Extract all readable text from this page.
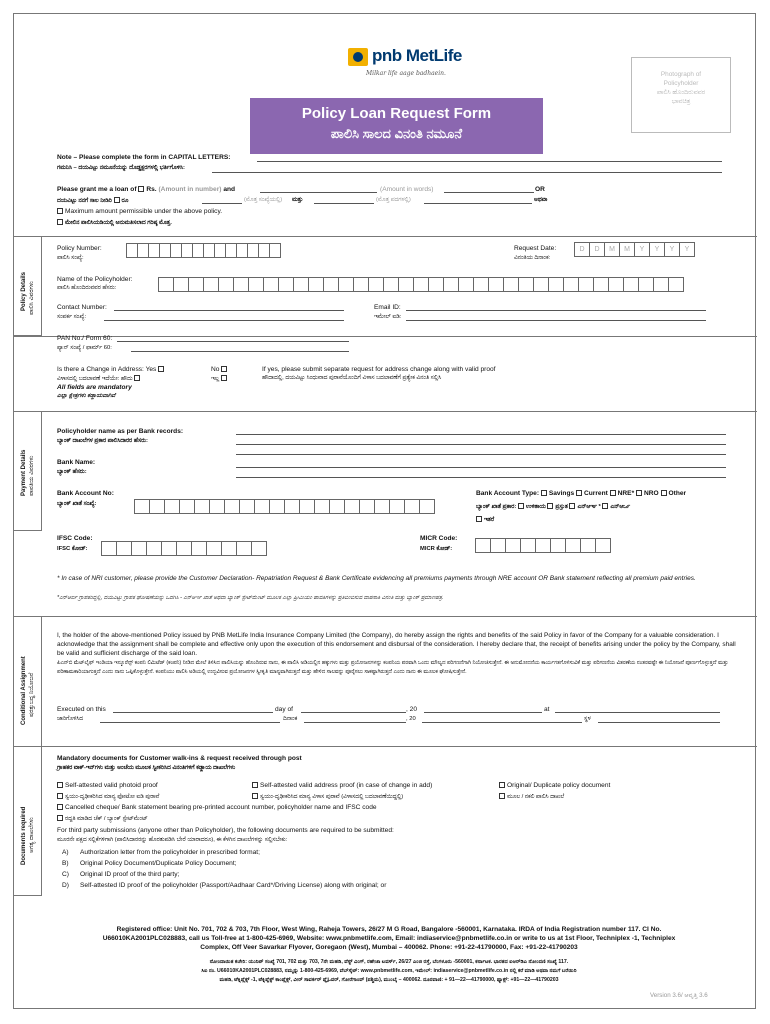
pnb MetLife
Milkar life aage badhaein.	Photograph of
Policyholder
ಪಾಲಿಸಿ ಹೊಂದಿರುವವರ
ಭಾವಚಿತ್ರ
Policy Loan Request Form
ಪಾಲಿಸಿ ಸಾಲದ ವಿನಂತಿ ನಮೂನೆ
Note – Please complete the form in CAPITAL LETTERS:
ಗಮನಿಸಿ – ದಯವಿಟ್ಟು ನಮೂನೆಯನ್ನು ದೊಡ್ಡಕ್ಷರಗಳಲ್ಲಿ ಭರ್ತಿಗೊಳಿಸಿ:
Please grant me a loan of Rs. (Amount in number) and	(Amount in words)	OR
ದಯವಿಟ್ಟು ನನಗೆ ಸಾಲ ನೀಡಿರಿ ರೂ	(ಮೊತ್ತ ಸಂಖ್ಯೆಯಲ್ಲಿ) ಮತ್ತು	(ಮೊತ್ತ ಪದಗಳಲ್ಲಿ)	ಅಥವಾ
Maximum amount permissible under the above policy.
ಮೇಲಿನ ಪಾಲಿಸಿಯಡಿಯಲ್ಲಿ ಅನುಮತಿಸಲಾದ ಗರಿಷ್ಠ ಮೊತ್ತ.
Policy Details ಪಾಲಿಸಿ ವಿವರಗಳು
Policy Number:
ಪಾಲಿಸಿ ಸಂಖ್ಯೆ:
Request Date:
ವಿನಂತಿಯ ದಿನಾಂಕ:
D	D	M	M	Y	Y	Y	Y
Name of the Policyholder:
ಪಾಲಿಸಿ ಹೊಂದಿರುವವರ ಹೆಸರು:
Contact Number:
ಸಂಪರ್ಕ ಸಂಖ್ಯೆ:
Email ID:
ಇಮೇಲ್ ಐಡಿ:
PAN No./ Form 60:
ಪ್ಯಾನ್ ಸಂಖ್ಯೆ / ಫಾರ್ಮ್ 60:
Is there a Change in Address: Yes
ವಿಳಾಸದಲ್ಲಿ ಬದಲಾವಣೆ ಇದೆಯೇ: ಹೌದು
No
ಇಲ್ಲ
If yes, please submit separate request for address change along with valid proof
ಹೌದಾದಲ್ಲಿ, ದಯವಿಟ್ಟು ಸಿಂಧುವಾದ ಪುರಾವೆಯೊಂದಿಗೆ ವಿಳಾಸ ಬದಲಾವಣೆಗೆ ಪ್ರತ್ಯೇಕ ವಿನಂತಿ ಸಲ್ಲಿಸಿ
All fields are mandatory
ಎಲ್ಲಾ ಕ್ಷೇತ್ರಗಳು ಕಡ್ಡಾಯವಾಗಿವೆ
Payment Details ಪಾವತಿಯ ವಿವರಗಳು
Policyholder name as per Bank records:
ಬ್ಯಾಂಕ್ ದಾಖಲೆಗಳ ಪ್ರಕಾರ ಪಾಲಿಸಿದಾರರ ಹೆಸರು:
Bank Name:
ಬ್ಯಾಂಕ್ ಹೆಸರು:
Bank Account No:
ಬ್ಯಾಂಕ್ ಖಾತೆ ಸಂಖ್ಯೆ:
Bank Account Type: Savings Current NRE* NRO Other
ಬ್ಯಾಂಕ್ ಖಾತೆ ಪ್ರಕಾರ: ಉಳಿತಾಯ ಪ್ರಸ್ತುತ ಎನ್ಆರ್ಇ * ಎನ್ಆರ್ಒ
ಇತರೆ
IFSC Code:
IFSC ಕೋಡ್:
MICR Code:
MICR ಕೋಡ್:
* In case of NRI customer, please provide the Customer Declaration- Repatriation Request & Bank Certificate evidencing all premiums payments through NRE account OR Bank statement reflecting all premium paid entries.
*ಎನ್ಆರ್ಐ ಗ್ರಾಹಕರಿದ್ದಲ್ಲಿ, ದಯವಿಟ್ಟು ಗ್ರಾಹಕ ಘೋಷಣೆಯನ್ನು ಒದಗಿಸಿ - ಎನ್ಆರ್ಇ ಖಾತೆ ಅಥವಾ ಬ್ಯಾಂಕ್ ಸ್ಟೇಟ್‌ಮೆಂಟ್ ಮೂಲಕ ಎಲ್ಲಾ ಪ್ರೀಮಿಯಂ ಪಾವತಿಗಳನ್ನು ಪ್ರತಿಬಿಂಬಿಸುವ ವಾಪಸಾತಿ ವಿನಂತಿ ಮತ್ತು ಬ್ಯಾಂಕ್ ಪ್ರಮಾಣಪತ್ರ.
Conditional Assignment ಷರತ್ತುಬದ್ಧ ನಿಯೋಜನೆ
I, the holder of the above-mentioned Policy issued by PNB MetLife India Insurance Company Limited (the Company), do hereby assign the rights and benefits of the said Policy in favor of the Company for a valuable consideration. I acknowledge that the assignment shall be complete and effective only upon the execution of this endorsement and disbursal of the consideration. I hereby declare that, the receipt of benefits arising under the policy by the Company, shall be valid and sufficient discharge of the said loan.
ಪಿಎನ್‌ಬಿ ಮೆಟ್‌ಲೈಫ್ ಇಂಡಿಯಾ ಇನ್ಶೂರೆನ್ಸ್ ಕಂಪನಿ ಲಿಮಿಟೆಡ್ (ಕಂಪನಿ) ನೀಡಿದ ಮೇಲೆ ತಿಳಿಸಿದ ಪಾಲಿಸಿಯನ್ನು ಹೊಂದಿರುವ ನಾನು, ಈ ಪಾಲಿಸಿ ಅಡಿಯಲ್ಲಿನ ಹಕ್ಕುಗಳು ಮತ್ತು ಪ್ರಯೋಜನಗಳನ್ನು ಕಂಪನಿಯ ಪರವಾಗಿ ಒಂದು ಮೌಲ್ಯದ ಪರಿಗಣನೆಗಾಗಿ ನಿಯೋಜಿಸುತ್ತೇನೆ. ಈ ಅನುಮೋದನೆಯ ಕಾರ್ಯಗತಗೊಳಿಸುವಿಕೆ ಮತ್ತು ಪರಿಗಣನೆಯ ವಿತರಣೆಯ ನಂತರವಷ್ಟೇ ಈ ನಿಯೋಜನೆ ಪೂರ್ಣಗೊಳ್ಳುತ್ತದೆ ಮತ್ತು ಪರಿಣಾಮಕಾರಿಯಾಗುತ್ತದೆ ಎಂದು ನಾನು ಒಪ್ಪಿಕೊಳ್ಳುತ್ತೇನೆ. ಕಂಪನಿಯು ಪಾಲಿಸಿ ಅಡಿಯಲ್ಲಿ ಉದ್ಭವಿಸುವ ಪ್ರಯೋಜನಗಳ ಸ್ವೀಕೃತಿ ಮಾನ್ಯವಾಗಿರುತ್ತದೆ ಮತ್ತು ಹೇಳಿದ ಸಾಲವನ್ನು ಪೂರೈಸಲು ಸಾಕಷ್ಟಾಗಿರುತ್ತದೆ ಎಂದು ನಾನು ಈ ಮೂಲಕ ಘೋಷಿಸುತ್ತೇನೆ.
Executed on this	day of	, 20	at
ಜಾರಿಗೊಳಿಸಿದ	ದಿನಾಂಕ	, 20	ಸ್ಥಳ
Documents required ಅಗತ್ಯ ದಾಖಲೆಗಳು
Mandatory documents for Customer walk-ins & request received through post
ಗ್ರಾಹಕರ ವಾಕ್-ಇನ್‌ಗಳು ಮತ್ತು ಅಂಚೆಯ ಮೂಲಕ ಸ್ವೀಕರಿಸಿದ ವಿನಂತಿಗಳಿಗೆ ಕಡ್ಡಾಯ ದಾಖಲೆಗಳು
Self-attested valid photoid proof
ಸ್ವಯಂ-ದೃಢೀಕರಿಸಿದ ಮಾನ್ಯ ಫೋಟೋ ಐಡಿ ಪುರಾವೆ
Self-attested valid address proof (in case of change in add)
ಸ್ವಯಂ-ದೃಢೀಕರಿಸಿದ ಮಾನ್ಯ ವಿಳಾಸ ಪುರಾವೆ (ವಿಳಾಸದಲ್ಲಿ ಬದಲಾವಣೆಯಿದ್ದಲ್ಲಿ)
Original/ Duplicate policy document
ಮೂಲ / ನಕಲಿ ಪಾಲಿಸಿ ದಾಖಲೆ
Cancelled cheque/ Bank statement bearing pre-printed account number, policyholder name and IFSC code
ರದ್ದತಿ ಮಾಡಿದ ಚೆಕ್ / ಬ್ಯಾಂಕ್ ಸ್ಟೇಟ್‌ಮೆಂಟ್
For third party submissions (anyone other than Policyholder), the following documents are required to be submitted:
ಮೂರನೇ ಪಕ್ಷದ ಸಲ್ಲಿಕೆಗಳಿಗಾಗಿ (ಪಾಲಿಸಿದಾರರನ್ನು ಹೊರತುಪಡಿಸಿ ಬೇರೆ ಯಾರಾದರೂ), ಈ ಕೆಳಗಿನ ದಾಖಲೆಗಳನ್ನು ಸಲ್ಲಿಸಬೇಕು:
A) Authorization letter from the policyholder in prescribed format;
B) Original Policy Document/Duplicate Policy Document;
C) Original ID proof of the third party;
D) Self-attested ID proof of the policyholder (Passport/Aadhaar Card*/Driving License) along with original; or
Registered office: Unit No. 701, 702 & 703, 7th Floor, West Wing, Raheja Towers, 26/27 M G Road, Bangalore -560001, Karnataka. IRDA of India Registration number 117. CI No.
U66010KA2001PLC028883, call us Toll-free at 1-800-425-6969, Website: www.pnbmetlife.com, Email: indiaservice@pnbmetlife.co.in or write to us at 1st Floor, Techniplex -1, Techniplex
Complex, Off Veer Savarkar Flyover, Goregaon (West), Mumbai – 400062. Phone: +91-22-41790000, Fax: +91-22-41790203
ನೋಂದಾಯಿತ ಕಚೇರಿ: ಯುನಿಟ್ ಸಂಖ್ಯೆ 701, 702 ಮತ್ತು 703, 7ನೇ ಮಹಡಿ, ವೆಸ್ಟ್ ವಿಂಗ್, ರಹೇಜಾ ಟವರ್ಸ್, 26/27 ಎಂಜಿ ರಸ್ತೆ, ಬೆಂಗಳೂರು -560001, ಕರ್ನಾಟಕ. ಭಾರತದ ಐಆರ್‌ಡಿಎ ನೋಂದಣಿ ಸಂಖ್ಯೆ 117.
ಸಿಐ ನಂ. U66010KA2001PLC028883, ನಮ್ಮನ್ನು 1-800-425-6969, ವೆಬ್‌ಸೈಟ್: www.pnbmetlife.com, ಇಮೇಲ್: indiaservice@pnbmetlife.co.in ನಲ್ಲಿ ಕರೆ ಮಾಡಿ ಅಥವಾ ನಮಗೆ ಬರೆಯಿರಿ
ಮಹಡಿ, ಟೆಕ್ನಿಪ್ಲೆಕ್ಸ್ -1, ಟೆಕ್ನಿಪ್ಲೆಕ್ಸ್ ಕಾಂಪ್ಲೆಕ್ಸ್, ವೀರ್ ಸಾವರ್ಕರ್ ಫ್ಲೈಓವರ್, ಗೋರೆಗಾಂವ್ (ಪಶ್ಚಿಮ), ಮುಂಬೈ – 400062. ದೂರವಾಣಿ: + 91—22—41790000, ಫ್ಯಾಕ್ಸ್: +91—22—41790203
Version 3.6/ ಆವೃತ್ತಿ 3.6
